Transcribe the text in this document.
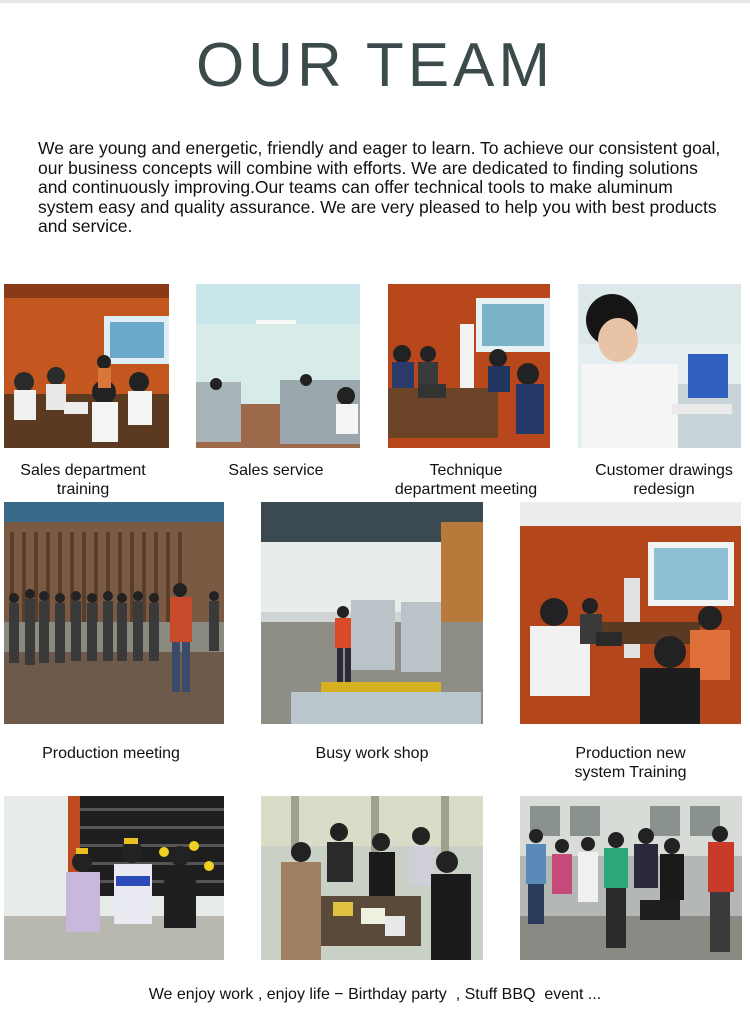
OUR TEAM
We are young and energetic, friendly and eager to learn. To achieve our consistent goal, our business concepts will combine with efforts. We are dedicated to finding solutions and continuously improving.Our teams can offer technical tools to make aluminum system easy and quality assurance. We are very pleased to help you with best products and service.
Sales department
training
Sales service	Technique
department meeting
Customer drawings
redesign
Production meeting	Busy work shop	Production new
system Training
We enjoy work , enjoy life − Birthday party  , Stuff BBQ  event ...
